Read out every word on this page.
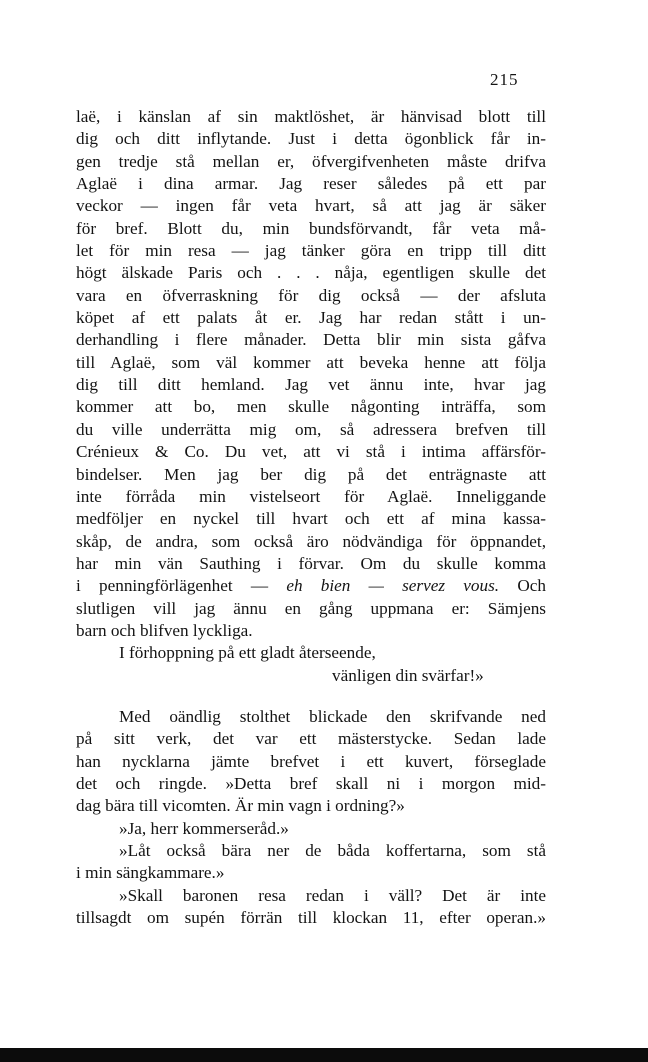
215
laë, i känslan af sin maktlöshet, är hänvisad blott till
dig och ditt inflytande. Just i detta ögonblick får in-
gen tredje stå mellan er, öfvergifvenheten måste drifva
Aglaë i dina armar. Jag reser således på ett par
veckor — ingen får veta hvart, så att jag är säker
för bref. Blott du, min bundsförvandt, får veta må-
let för min resa — jag tänker göra en tripp till ditt
högt älskade Paris och . . . nåja, egentligen skulle det
vara en öfverraskning för dig också — der afsluta
köpet af ett palats åt er. Jag har redan stått i un-
derhandling i flere månader. Detta blir min sista gåfva
till Aglaë, som väl kommer att beveka henne att följa
dig till ditt hemland. Jag vet ännu inte, hvar jag
kommer att bo, men skulle någonting inträffa, som
du ville underrätta mig om, så adressera brefven till
Crénieux & Co. Du vet, att vi stå i intima affärsför-
bindelser. Men jag ber dig på det enträgnaste att
inte förråda min vistelseort för Aglaë. Inneliggande
medföljer en nyckel till hvart och ett af mina kassa-
skåp, de andra, som också äro nödvändiga för öppnandet,
har min vän Sauthing i förvar. Om du skulle komma
i penningförlägenhet — eh bien — servez vous. Och
slutligen vill jag ännu en gång uppmana er: Sämjens
barn och blifven lyckliga.
I förhoppning på ett gladt återseende,
vänligen din svärfar!»
Med oändlig stolthet blickade den skrifvande ned
på sitt verk, det var ett mästerstycke. Sedan lade
han nycklarna jämte brefvet i ett kuvert, förseglade
det och ringde. »Detta bref skall ni i morgon mid-
dag bära till vicomten. Är min vagn i ordning?»
»Ja, herr kommerseråd.»
»Låt också bära ner de båda koffertarna, som stå
i min sängkammare.»
»Skall baronen resa redan i väll? Det är inte
tillsagdt om supén förrän till klockan 11, efter operan.»
